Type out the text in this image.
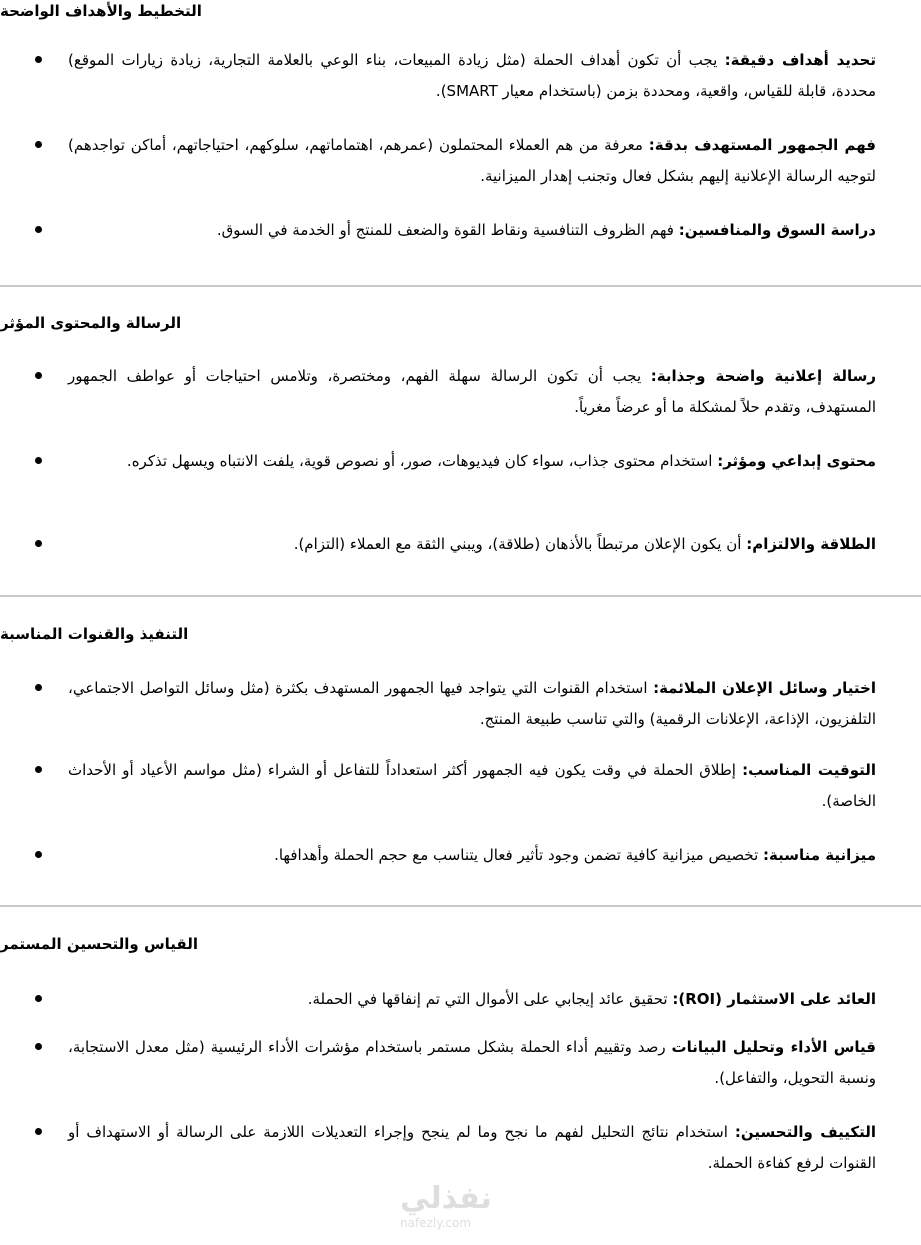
التخطيط والأهداف الواضحة
تحديد أهداف دقيقة: يجب أن تكون أهداف الحملة (مثل زيادة المبيعات، بناء الوعي بالعلامة التجارية، زيادة زيارات الموقع) محددة، قابلة للقياس، واقعية، ومحددة بزمن (باستخدام معيار SMART).
فهم الجمهور المستهدف بدقة: معرفة من هم العملاء المحتملون (عمرهم، اهتماماتهم، سلوكهم، احتياجاتهم، أماكن تواجدهم) لتوجيه الرسالة الإعلانية إليهم بشكل فعال وتجنب إهدار الميزانية.
دراسة السوق والمنافسين: فهم الظروف التنافسية ونقاط القوة والضعف للمنتج أو الخدمة في السوق.
الرسالة والمحتوى المؤثر
رسالة إعلانية واضحة وجذابة: يجب أن تكون الرسالة سهلة الفهم، ومختصرة، وتلامس احتياجات أو عواطف الجمهور المستهدف، وتقدم حلاً لمشكلة ما أو عرضاً مغرياً.
محتوى إبداعي ومؤثر: استخدام محتوى جذاب، سواء كان فيديوهات، صور، أو نصوص قوية، يلفت الانتباه ويسهل تذكره.
الطلاقة والالتزام: أن يكون الإعلان مرتبطاً بالأذهان (طلاقة)، ويبني الثقة مع العملاء (التزام).
التنفيذ والقنوات المناسبة
اختيار وسائل الإعلان الملائمة: استخدام القنوات التي يتواجد فيها الجمهور المستهدف بكثرة (مثل وسائل التواصل الاجتماعي، التلفزيون، الإذاعة، الإعلانات الرقمية) والتي تناسب طبيعة المنتج.
التوقيت المناسب: إطلاق الحملة في وقت يكون فيه الجمهور أكثر استعداداً للتفاعل أو الشراء (مثل مواسم الأعياد أو الأحداث الخاصة).
ميزانية مناسبة: تخصيص ميزانية كافية تضمن وجود تأثير فعال يتناسب مع حجم الحملة وأهدافها.
القياس والتحسين المستمر
العائد على الاستثمار (ROI): تحقيق عائد إيجابي على الأموال التي تم إنفاقها في الحملة.
قياس الأداء وتحليل البيانات رصد وتقييم أداء الحملة بشكل مستمر باستخدام مؤشرات الأداء الرئيسية (مثل معدل الاستجابة، ونسبة التحويل، والتفاعل).
التكييف والتحسين: استخدام نتائج التحليل لفهم ما نجح وما لم ينجح وإجراء التعديلات اللازمة على الرسالة أو الاستهداف أو القنوات لرفع كفاءة الحملة.
نفذلي
nafezly.com
